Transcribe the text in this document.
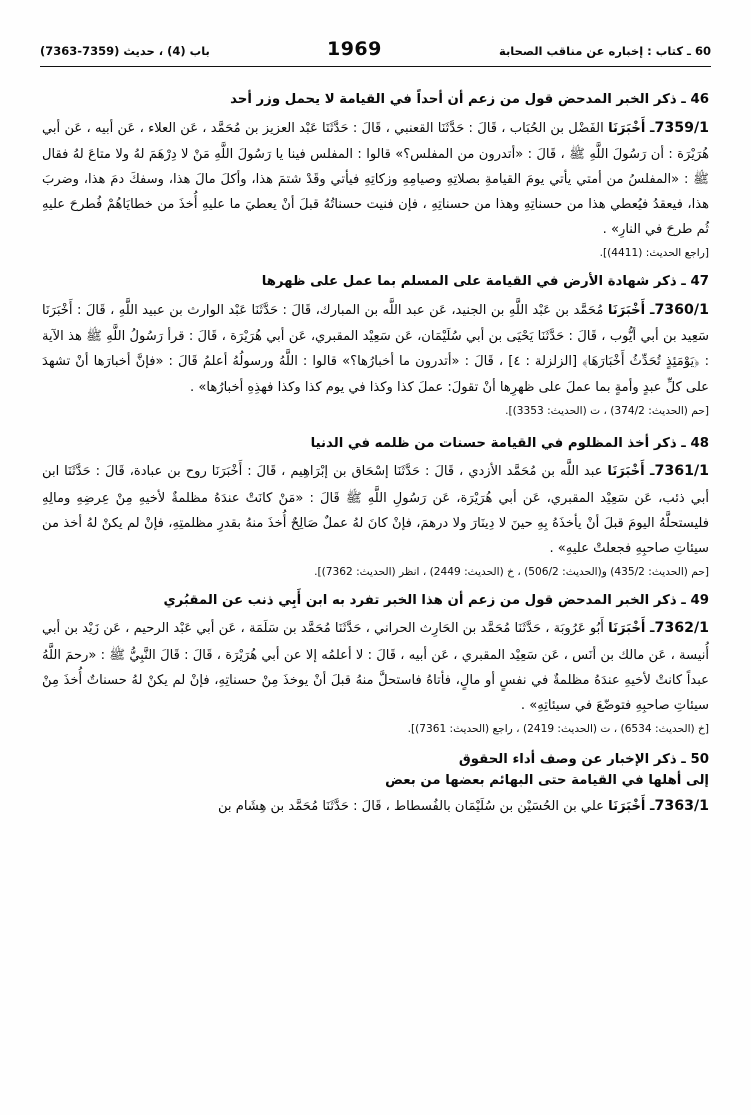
60 ـ كتاب : إخباره عن مناقب الصحابة
1969
باب (4) ، حديث (7359-7363)
46 ـ ذكر الخبر المدحض قول من زعم أن أحداً في القيامة لا يحمل وزر أحد

7359/1ـ أَخْبَرَنَا الفَضْل بن الحُبَاب ، قَالَ : حَدَّثَنَا القعنبي ، قَالَ : حَدَّثَنَا عَبْد العزيز بن مُحَمَّد ، عَن العلاء ، عَن أبيه ، عَن أبي هُرَيْرَة : أن رَسُولَ اللَّهِ ﷺ ، قَالَ : «أتدرون من المفلس؟» قالوا : المفلس فينا يا رَسُولَ اللَّهِ مَنْ لا دِرْهَمَ لهُ ولا متاعَ لهُ فقال ﷺ : «المفلسُ من أمتي يأتي يومَ القيامةِ بصلاتِهِ وصيامِهِ وزكاتِهِ فيأتي وقَدْ شتمَ هذا، وأكلَ مالَ هذا، وسفكَ دمَ هذا، وضربَ هذا، فيعقدُ فيُعطي هذا من حسناتِهِ وهذا من حسناتِهِ ، فإن فنيت حسناتُهُ قبلَ أنْ يعطيَ ما عليهِ أُخذَ من خطايَاهُمْ فُطرحَ عليهِ ثُم طرحَ في النارِ» .

[راجع الحديث: (4411)].
47 ـ ذكر شهادة الأرض في القيامة على المسلم بما عمل على ظهرها

7360/1ـ أَخْبَرَنَا مُحَمَّد بن عَبْد اللَّهِ بن الجنيد، عَن عبد اللَّه بن المبارك، قَالَ : حَدَّثَنَا عَبْد الوارث بن عبيد اللَّهِ ، قَالَ : أَخْبَرَنَا سَعِيد بن أبي أيُّوب ، قَالَ : حَدَّثَنَا يَحْيَى بن أبي سُلَيْمَان، عَن سَعِيْد المقبري، عَن أبي هُرَيْرَة ، قَالَ : قرأ رَسُولُ اللَّهِ ﷺ هذ الآية : ﴿يَوْمَئِذٍ تُحَدِّثُ أَخْبَارَهَا﴾ [الزلزلة : ٤] ، قَالَ : «أتدرون ما أخبارُها؟» قالوا : اللَّهُ ورسولُهُ أعلمُ قَالَ : «فإنَّ أخبارَها أنْ تشهدَ على كلِّ عبدٍ وأمةٍ بما عملَ على ظهرِها أنْ تقولَ: عملَ كذا وكذا في يوم كذا وكذا فهذِهِ أخبارُها» .

[حم (الحديث: 374/2) ، ت (الحديث: 3353)].
48 ـ ذكر أخذ المظلوم في القيامة حسنات من ظلمه في الدنيا

7361/1ـ أَخْبَرَنَا عبد اللَّه بن مُحَمَّد الأزدي ، قَالَ : حَدَّثَنَا إسْحَاق بن إبْرَاهِيم ، قَالَ : أَخْبَرَنَا روح بن عبادة، قَالَ : حَدَّثَنَا ابن أبي ذئب، عَن سَعِيْد المقبري، عَن أبي هُرَيْرَة، عَن رَسُولِ اللَّهِ ﷺ قَالَ : «مَنْ كانَتْ عندَهُ مظلمةٌ لأخيهِ مِنْ عِرضِهِ ومالِهِ فليستحلَّهُ اليومَ قبلَ أنْ يأخذَهُ بِهِ حينَ لا دِينَارَ ولا درهمَ، فإنْ كانَ لهُ عملٌ صَالِحٌ أُخذَ منهُ بقدرِ مظلمتِهِ، فإنْ لم يكنْ لهُ أخذ من سيئاتِ صاحبِهِ فجعلتْ عليهِ» .

[حم (الحديث: 435/2) و(الحديث: 506/2) ، خ (الحديث: 2449) ، انظر (الحديث: 7362)].
49 ـ ذكر الخبر المدحض قول من زعم أن هذا الخبر تفرد به ابن أَبِي ذنب عن المقبُري

7362/1ـ أَخْبَرَنَا أَبُو عَرُوبَة ، حَدَّثَنَا مُحَمَّد بن الحَارِث الحراني ، حَدَّثَنَا مُحَمَّد بن سَلَمَة ، عَن أبي عَبْد الرحيم ، عَن زَيْد بن أبي أُنيسة ، عَن مالك بن أنَس ، عَن سَعِيْد المقبري ، عَن أبيه ، قَالَ : لا أعلمُه إلا عن أبي هُرَيْرَة ، قَالَ : قَالَ النَّبِيُّ ﷺ : «رحمَ اللَّهُ عبداً كانتْ لأخيهِ عندَهُ مظلمةٌ في نفسٍ أو مالٍ، فأتاهُ فاستحلَّ منهُ قبلَ أنْ يوخذَ مِنْ حسناتِهِ، فإنْ لم يكنْ لهُ حسناتٌ أُخذَ مِنْ سيئاتِ صاحبِهِ فتوضّعَ في سيئاتِهِ» .

[خ (الحديث: 6534) ، ت (الحديث: 2419) ، راجع (الحديث: 7361)].
50 ـ ذكر الإخبار عن وصف أداء الحقوق
إلى أهلها في القيامة حتى البهائم بعضها من بعض

7363/1ـ أَخْبَرَنَا علي بن الحُسَيْن بن سُلَيْمَان بالفُسطاط ، قَالَ : حَدَّثَنَا مُحَمَّد بن هِشَام بن
